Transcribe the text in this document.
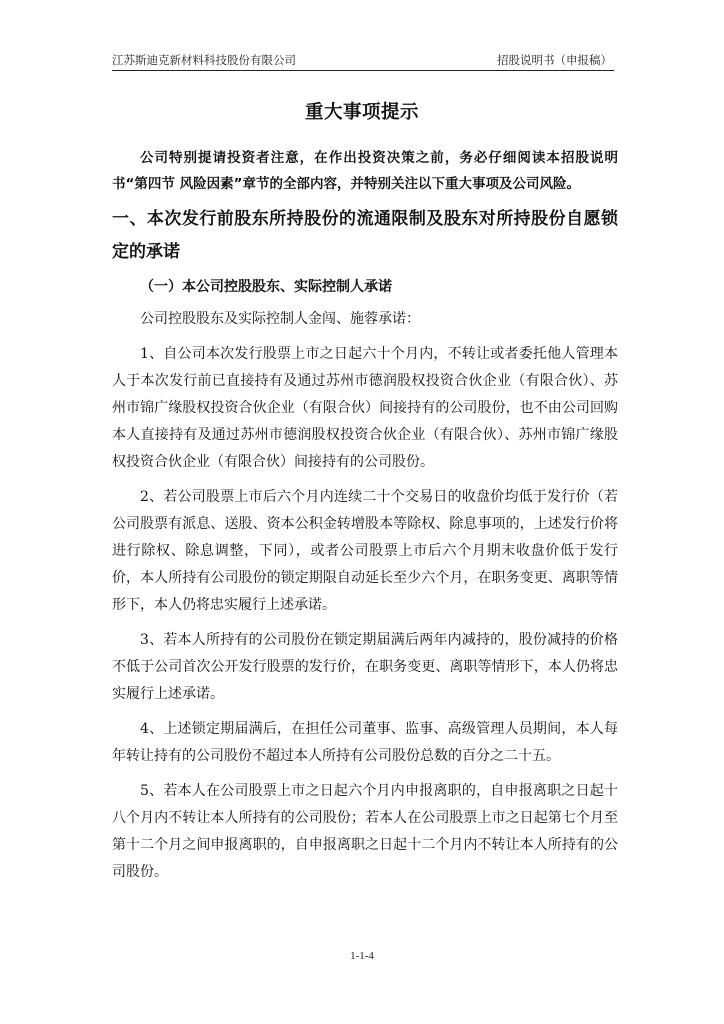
江苏斯迪克新材料科技股份有限公司	招股说明书（申报稿）
重大事项提示

公司特别提请投资者注意，在作出投资决策之前，务必仔细阅读本招股说明书“第四节 风险因素”章节的全部内容，并特别关注以下重大事项及公司风险。

一、本次发行前股东所持股份的流通限制及股东对所持股份自愿锁定的承诺
（一）本公司控股股东、实际控制人承诺

公司控股股东及实际控制人金闯、施蓉承诺：

1、自公司本次发行股票上市之日起六十个月内，不转让或者委托他人管理本人于本次发行前已直接持有及通过苏州市德润股权投资合伙企业（有限合伙）、苏州市锦广缘股权投资合伙企业（有限合伙）间接持有的公司股份，也不由公司回购本人直接持有及通过苏州市德润股权投资合伙企业（有限合伙）、苏州市锦广缘股权投资合伙企业（有限合伙）间接持有的公司股份。

2、若公司股票上市后六个月内连续二十个交易日的收盘价均低于发行价（若公司股票有派息、送股、资本公积金转增股本等除权、除息事项的，上述发行价将进行除权、除息调整，下同），或者公司股票上市后六个月期末收盘价低于发行价，本人所持有公司股份的锁定期限自动延长至少六个月，在职务变更、离职等情形下，本人仍将忠实履行上述承诺。

3、若本人所持有的公司股份在锁定期届满后两年内减持的，股份减持的价格不低于公司首次公开发行股票的发行价，在职务变更、离职等情形下，本人仍将忠实履行上述承诺。

4、上述锁定期届满后，在担任公司董事、监事、高级管理人员期间，本人每年转让持有的公司股份不超过本人所持有公司股份总数的百分之二十五。

5、若本人在公司股票上市之日起六个月内申报离职的，自申报离职之日起十八个月内不转让本人所持有的公司股份；若本人在公司股票上市之日起第七个月至第十二个月之间申报离职的，自申报离职之日起十二个月内不转让本人所持有的公司股份。

1-1-4
